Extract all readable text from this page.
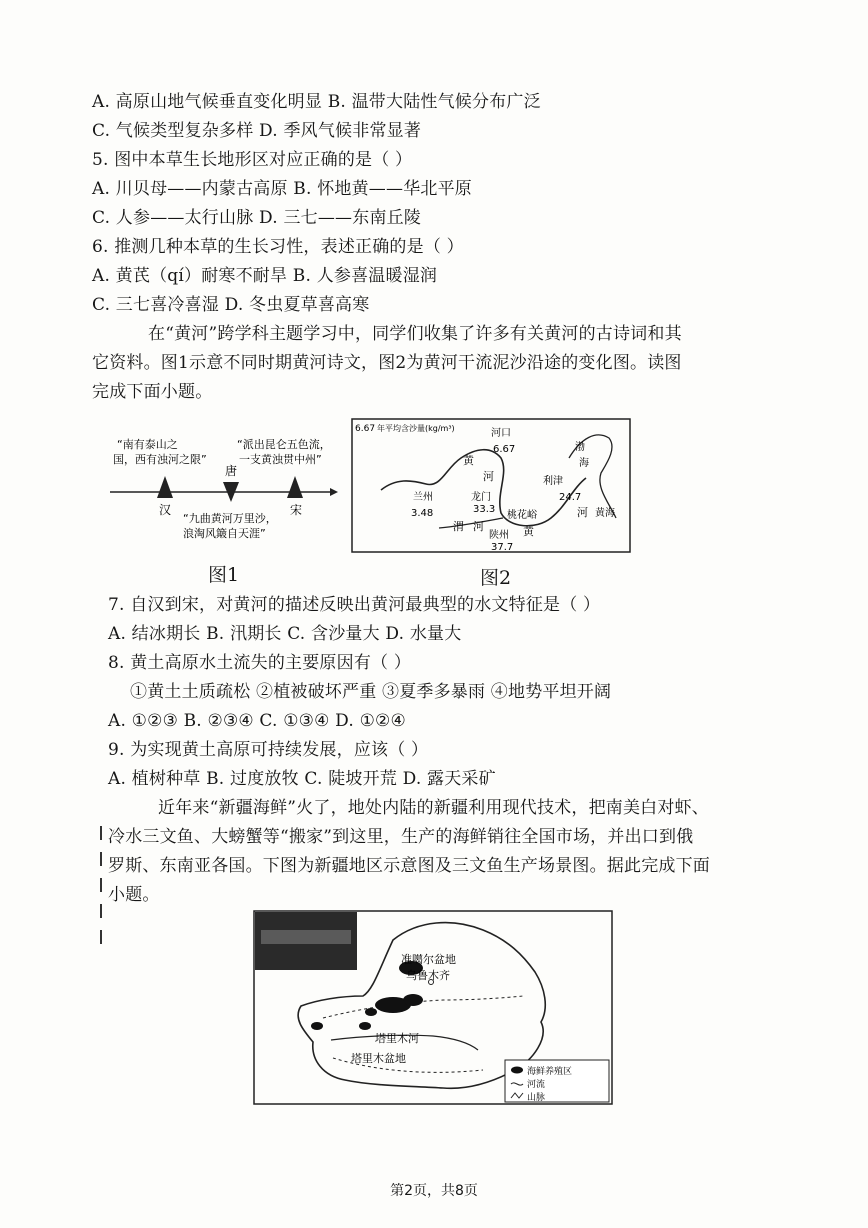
A. 高原山地气候垂直变化明显 B. 温带大陆性气候分布广泛
C. 气候类型复杂多样 D. 季风气候非常显著
5. 图中本草生长地形区对应正确的是（ ）
A. 川贝母——内蒙古高原 B. 怀地黄——华北平原
C. 人参——太行山脉 D. 三七——东南丘陵
6. 推测几种本草的生长习性，表述正确的是（ ）
A. 黄芪（qí）耐寒不耐旱 B. 人参喜温暖湿润
C. 三七喜冷喜湿 D. 冬虫夏草喜高寒
在“黄河”跨学科主题学习中，同学们收集了许多有关黄河的古诗词和其
它资料。图1示意不同时期黄河诗文，图2为黄河干流泥沙沿途的变化图。读图
完成下面小题。
“南有泰山之
国，西有浊河之限”
“派出昆仑五色流，
一支黄浊贯中州”
唐
汉	宋
“九曲黄河万里沙，
浪淘风簸自天涯”
图1
6.67 年平均含沙量(kg/m³)	河口
6.67
黄
河
兰州
3.48
龙门
33.3
渭 河
桃花峪
黄
陕州
37.7
利津
24.7
河
渤
海
黄海
图2
7. 自汉到宋，对黄河的描述反映出黄河最典型的水文特征是（ ）
A. 结冰期长 B. 汛期长 C. 含沙量大 D. 水量大
8. 黄土高原水土流失的主要原因有（ ）
①黄土土质疏松 ②植被破坏严重 ③夏季多暴雨 ④地势平坦开阔
A. ①②③ B. ②③④ C. ①③④ D. ①②④
9. 为实现黄土高原可持续发展，应该（ ）
A. 植树种草 B. 过度放牧 C. 陡坡开荒 D. 露天采矿
近年来“新疆海鲜”火了，地处内陆的新疆利用现代技术，把南美白对虾、
冷水三文鱼、大螃蟹等“搬家”到这里，生产的海鲜销往全国市场，并出口到俄
罗斯、东南亚各国。下图为新疆地区示意图及三文鱼生产场景图。据此完成下面
小题。
准噶尔盆地
乌鲁木齐
塔里木河
塔里木盆地
海鲜养殖区
河流
山脉
第2页，共8页
